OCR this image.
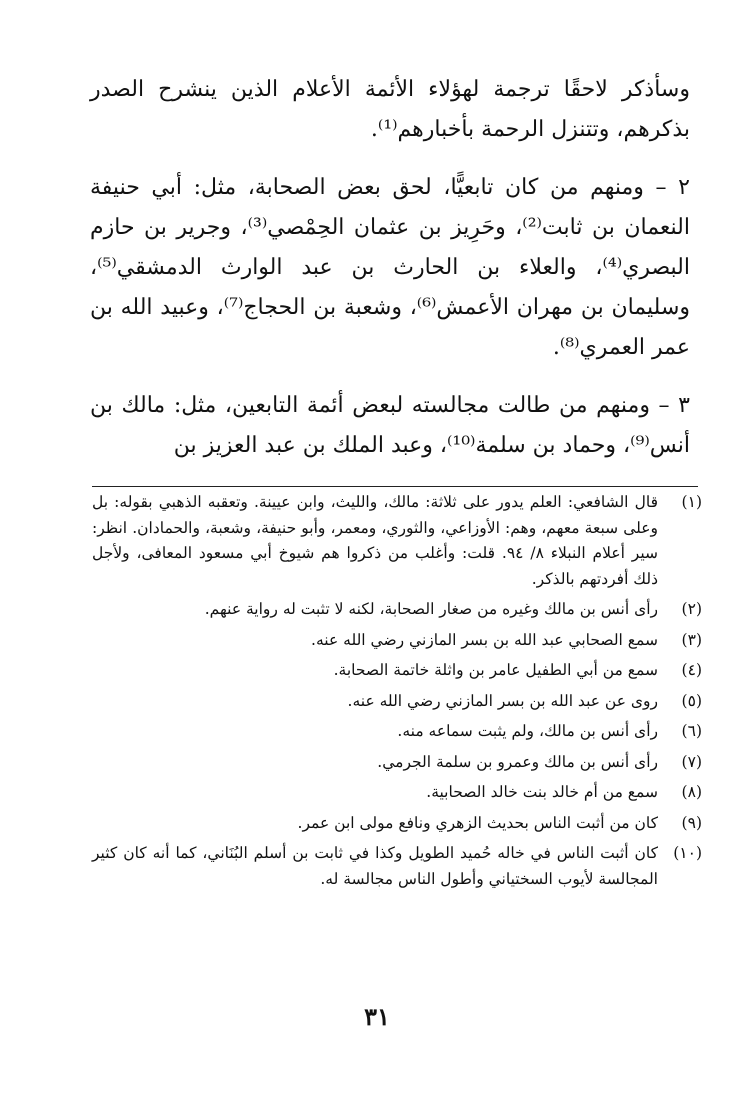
وسأذكر لاحقًا ترجمة لهؤلاء الأئمة الأعلام الذين ينشرح الصدر بذكرهم، وتتنزل الرحمة بأخبارهم⁽¹⁾.

٢ – ومنهم من كان تابعيًّا، لحق بعض الصحابة، مثل: أبي حنيفة النعمان بن ثابت⁽²⁾، وحَرِيز بن عثمان الحِمْصي⁽³⁾، وجرير بن حازم البصري⁽⁴⁾، والعلاء بن الحارث بن عبد الوارث الدمشقي⁽⁵⁾، وسليمان بن مهران الأعمش⁽⁶⁾، وشعبة بن الحجاج⁽⁷⁾، وعبيد الله بن عمر العمري⁽⁸⁾.

٣ – ومنهم من طالت مجالسته لبعض أئمة التابعين، مثل: مالك بن أنس⁽⁹⁾، وحماد بن سلمة⁽¹⁰⁾، وعبد الملك بن عبد العزيز بن

(١)
قال الشافعي: العلم يدور على ثلاثة: مالك، والليث، وابن عيينة. وتعقبه الذهبي بقوله: بل وعلى سبعة معهم، وهم: الأوزاعي، والثوري، ومعمر، وأبو حنيفة، وشعبة، والحمادان. انظر: سير أعلام النبلاء ٨/ ٩٤. قلت: وأغلب من ذكروا هم شيوخ أبي مسعود المعافى، ولأجل ذلك أفردتهم بالذكر.
(٢)
رأى أنس بن مالك وغيره من صغار الصحابة، لكنه لا تثبت له رواية عنهم.
(٣)
سمع الصحابي عبد الله بن بسر المازني رضي الله عنه.
(٤)
سمع من أبي الطفيل عامر بن واثلة خاتمة الصحابة.
(٥)
روى عن عبد الله بن بسر المازني رضي الله عنه.
(٦)
رأى أنس بن مالك، ولم يثبت سماعه منه.
(٧)
رأى أنس بن مالك وعمرو بن سلمة الجرمي.
(٨)
سمع من أم خالد بنت خالد الصحابية.
(٩)
كان من أثبت الناس بحديث الزهري ونافع مولى ابن عمر.
(١٠)
كان أثبت الناس في خاله حُميد الطويل وكذا في ثابت بن أسلم البُنَاني، كما أنه كان كثير المجالسة لأيوب السختياني وأطول الناس مجالسة له.
٣١
